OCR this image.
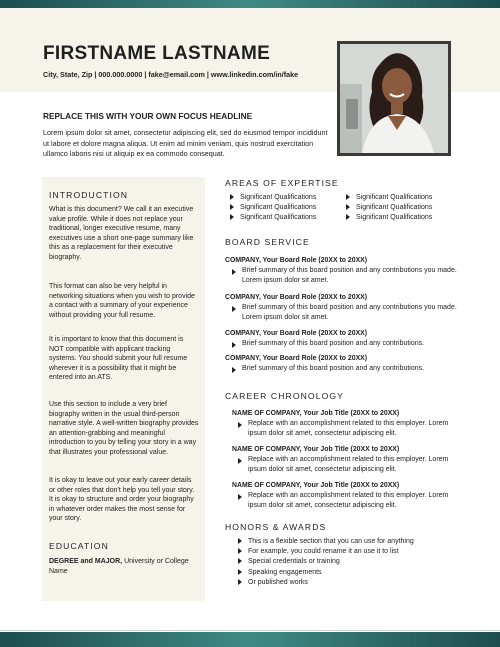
FIRSTNAME LASTNAME
City, State, Zip | 000.000.0000 | fake@email.com | www.linkedin.com/in/fake
REPLACE THIS WITH YOUR OWN FOCUS HEADLINE
Lorem ipsum dolor sit amet, consectetur adipiscing elit, sed do eiusmod tempor incididunt ut labore et dolore magna aliqua. Ut enim ad minim veniam, quis nostrud exercitation ullamco laboris nisi ut aliquip ex ea commodo consequat.
INTRODUCTION
What is this document? We call it an executive value profile. While it does not replace your traditional, longer executive resume, many executives use a short one-page summary like this as a replacement for their executive biography.
This format can also be very helpful in networking situations when you wish to provide a contact with a summary of your experience without providing your full resume.
It is important to know that this document is NOT compatible with applicant tracking systems. You should submit your full resume wherever it is a possibility that it might be entered into an ATS.
Use this section to include a very brief biography written in the usual third-person narrative style. A well-written biography provides an attention-grabbing and meaningful introduction to you by telling your story in a way that illustrates your professional value.
It is okay to leave out your early career details or other roles that don't help you tell your story. It is okay to structure and order your biography in whatever order makes the most sense for your story.
EDUCATION
DEGREE and MAJOR, University or College Name
AREAS OF EXPERTISE
Significant Qualifications
Significant Qualifications
Significant Qualifications
Significant Qualifications
Significant Qualifications
Significant Qualifications
BOARD SERVICE
COMPANY, Your Board Role (20XX to 20XX)
Brief summary of this board position and any contributions you made. Lorem ipsum dolor sit amet.
COMPANY, Your Board Role (20XX to 20XX)
Brief summary of this board position and any contributions you made. Lorem ipsum dolor sit amet.
COMPANY, Your Board Role (20XX to 20XX)
Brief summary of this board position and any contributions.
COMPANY, Your Board Role (20XX to 20XX)
Brief summary of this board position and any contributions.
CAREER CHRONOLOGY
NAME OF COMPANY, Your Job Title (20XX to 20XX)
Replace with an accomplishment related to this employer. Lorem ipsum dolor sit amet, consectetur adipiscing elit.
NAME OF COMPANY, Your Job Title (20XX to 20XX)
Replace with an accomplishment related to this employer. Lorem ipsum dolor sit amet, consectetur adipiscing elit.
NAME OF COMPANY, Your Job Title (20XX to 20XX)
Replace with an accomplishment related to this employer. Lorem ipsum dolor sit amet, consectetur adipiscing elit.
HONORS & AWARDS
This is a flexible section that you can use for anything
For example, you could rename it an use it to list
Special credentials or training
Speaking engagements
Or published works
